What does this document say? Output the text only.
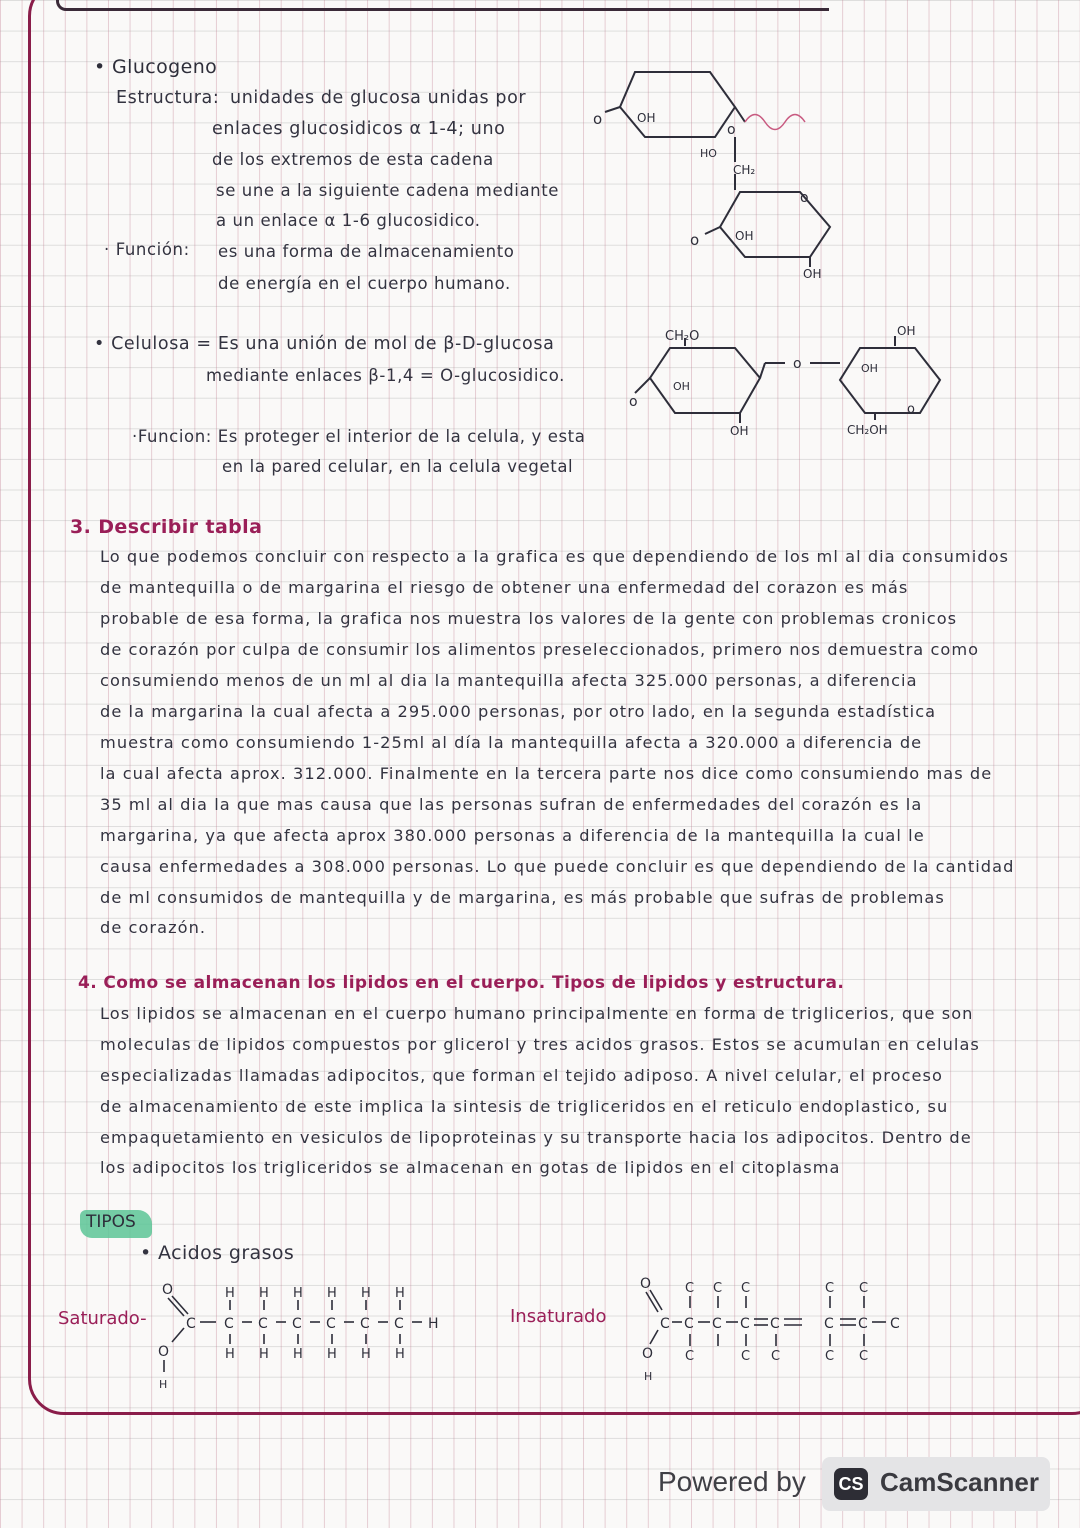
• Glucogeno
Estructura: unidades de glucosa unidas por
enlaces glucosidicos α 1-4; uno
de los extremos de esta cadena
se une a la siguiente cadena mediante
a un enlace α 1-6 glucosidico.
· Función: es una forma de almacenamiento
de energía en el cuerpo humano.
o	OH
o
HO
CH₂
o
o	OH
OH
• Celulosa = Es una unión de mol de β-D-glucosa
mediante enlaces β-1,4 = O-glucosidico.
·Funcion: Es proteger el interior de la celula, y esta
en la pared celular, en la celula vegetal
CH₂O
o
OH
OH
o
OH
OH
o
CH₂OH
3. Describir tabla
Lo que podemos concluir con respecto a la grafica es que dependiendo de los ml al dia consumidos
de mantequilla o de margarina el riesgo de obtener una enfermedad del corazon es más
probable de esa forma, la grafica nos muestra los valores de la gente con problemas cronicos
de corazón por culpa de consumir los alimentos preseleccionados, primero nos demuestra como
consumiendo menos de un ml al dia la mantequilla afecta 325.000 personas, a diferencia
de la margarina la cual afecta a 295.000 personas, por otro lado, en la segunda estadística
muestra como consumiendo 1-25ml al día la mantequilla afecta a 320.000 a diferencia de
la cual afecta aprox. 312.000. Finalmente en la tercera parte nos dice como consumiendo mas de
35 ml al dia la que mas causa que las personas sufran de enfermedades del corazón es la
margarina, ya que afecta aprox 380.000 personas a diferencia de la mantequilla la cual le
causa enfermedades a 308.000 personas. Lo que puede concluir es que dependiendo de la cantidad
de ml consumidos de mantequilla y de margarina, es más probable que sufras de problemas
de corazón.
4. Como se almacenan los lipidos en el cuerpo. Tipos de lipidos y estructura.
Los lipidos se almacenan en el cuerpo humano principalmente en forma de triglicerios, que son
moleculas de lipidos compuestos por glicerol y tres acidos grasos. Estos se acumulan en celulas
especializadas llamadas adipocitos, que forman el tejido adiposo. A nivel celular, el proceso
de almacenamiento de este implica la sintesis de trigliceridos en el reticulo endoplastico, su
empaquetamiento en vesiculos de lipoproteinas y su transporte hacia los adipocitos. Dentro de
los adipocitos los trigliceridos se almacenan en gotas de lipidos en el citoplasma
TIPOS
• Acidos grasos
Saturado-
O
C
O
H
C C C C C C H
H H H H H H
H H H H H H
Insaturado
O
C
O
H
C C C C	C C C
C C C	C C
C	C C	C C
Powered by CS CamScanner
